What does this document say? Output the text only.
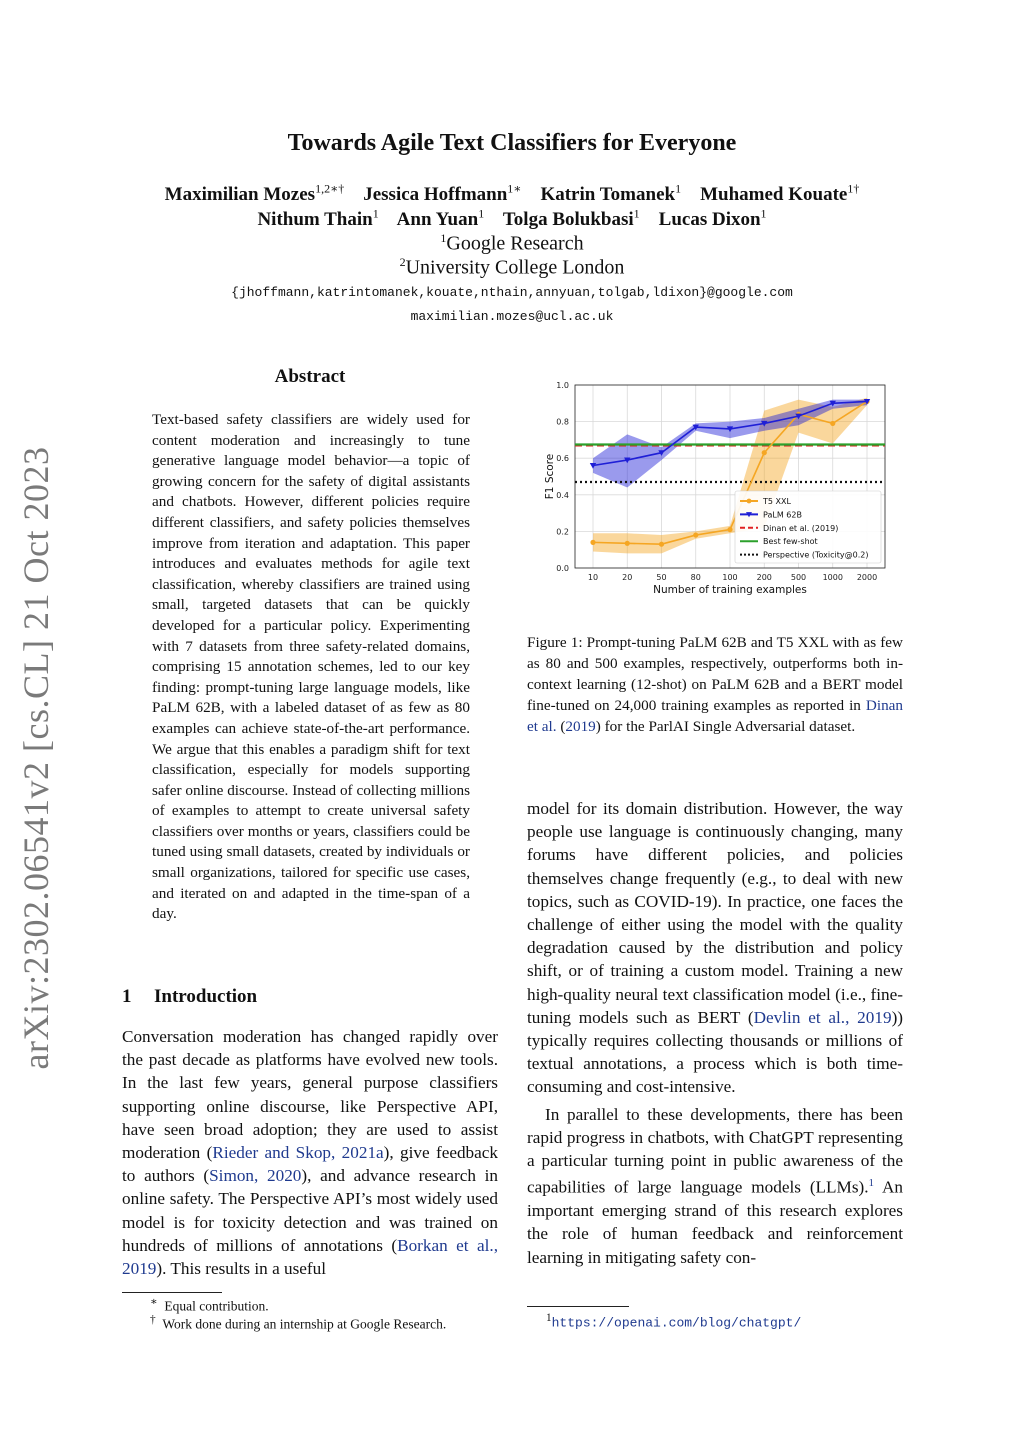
arXiv:2302.06541v2 [cs.CL] 21 Oct 2023
Towards Agile Text Classifiers for Everyone
Maximilian Mozes$^{1,2∗\dagger}$ Jessica Hoffmann$^{1∗}$ Katrin Tomanek$^1$ Muhamed Kouate$^{1\dagger}$
Nithum Thain$^1$ Ann Yuan$^1$ Tolga Bolukbasi$^1$ Lucas Dixon$^1$
$^1$Google Research
$^2$University College London
{jhoffmann,katrintomanek,kouate,nthain,annyuan,tolgab,ldixon}@google.com
maximilian.mozes@ucl.ac.uk
Abstract
Text-based safety classifiers are widely used for content moderation and increasingly to tune generative language model behavior—a topic of growing concern for the safety of digital assistants and chatbots. However, different policies require different classifiers, and safety policies themselves improve from iteration and adaptation. This paper introduces and evaluates methods for agile text classification, whereby classifiers are trained using small, targeted datasets that can be quickly developed for a particular policy. Experimenting with 7 datasets from three safety-related domains, comprising 15 annotation schemes, led to our key finding: prompt-tuning large language models, like PaLM 62B, with a labeled dataset of as few as 80 examples can achieve state-of-the-art performance. We argue that this enables a paradigm shift for text classification, especially for models supporting safer online discourse. Instead of collecting millions of examples to attempt to create universal safety classifiers over months or years, classifiers could be tuned using small datasets, created by individuals or small organizations, tailored for specific use cases, and iterated on and adapted in the time-span of a day.
1 Introduction

Conversation moderation has changed rapidly over the past decade as platforms have evolved new tools. In the last few years, general purpose classifiers supporting online discourse, like Perspective API, have seen broad adoption; they are used to assist moderation (Rieder and Skop, 2021a), give feedback to authors (Simon, 2020), and advance research in online safety. The Perspective API’s most widely used model is for toxicity detection and was trained on hundreds of millions of annotations (Borkan et al., 2019). This results in a useful

∗ Equal contribution.
† Work done during an internship at Google Research.
0.0
0.2
0.4
0.6
0.8
1.0
10	20	50	80	100 200 500 1000 2000
Number of training examples
F1 Score
T5 XXL
PaLM 62B
Dinan et al. (2019)
Best few-shot
Perspective (Toxicity@0.2)
Figure 1: Prompt-tuning PaLM 62B and T5 XXL with as few as 80 and 500 examples, respectively, outperforms both in-context learning (12-shot) on PaLM 62B and a BERT model fine-tuned on 24,000 training examples as reported in Dinan et al. (2019) for the ParlAI Single Adversarial dataset.

model for its domain distribution. However, the way people use language is continuously changing, many forums have different policies, and policies themselves change frequently (e.g., to deal with new topics, such as COVID-19). In practice, one faces the challenge of either using the model with the quality degradation caused by the distribution and policy shift, or of training a custom model. Training a new high-quality neural text classification model (i.e., fine-tuning models such as BERT (Devlin et al., 2019)) typically requires collecting thousands or millions of textual annotations, a process which is both time-consuming and cost-intensive.

In parallel to these developments, there has been rapid progress in chatbots, with ChatGPT representing a particular turning point in public awareness of the capabilities of large language models (LLMs).$^1$ An important emerging strand of this research explores the role of human feedback and reinforcement learning in mitigating safety con-

$^1$https://openai.com/blog/chatgpt/
